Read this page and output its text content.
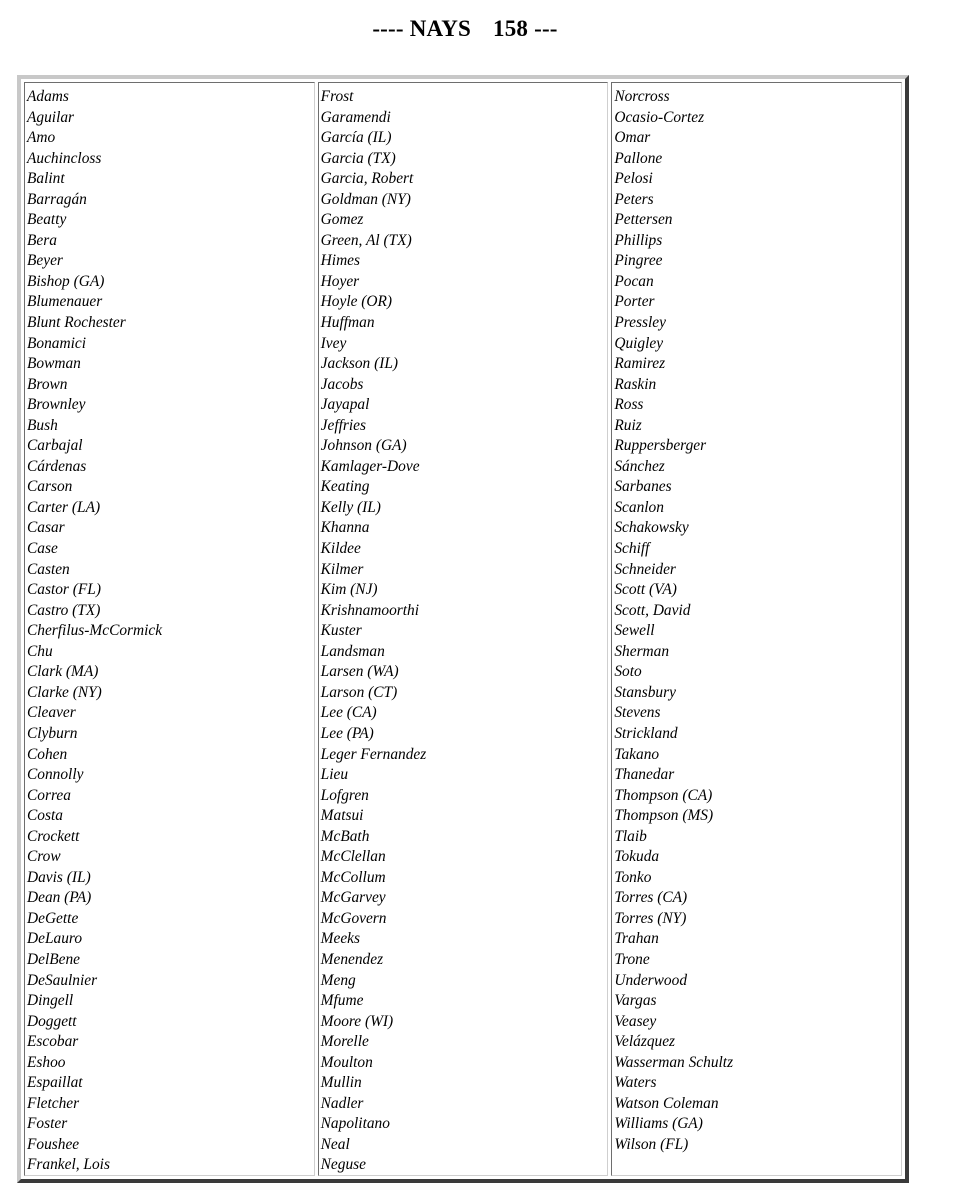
---- NAYS 158 ---
Adams
Aguilar
Amo
Auchincloss
Balint
Barragán
Beatty
Bera
Beyer
Bishop (GA)
Blumenauer
Blunt Rochester
Bonamici
Bowman
Brown
Brownley
Bush
Carbajal
Cárdenas
Carson
Carter (LA)
Casar
Case
Casten
Castor (FL)
Castro (TX)
Cherfilus-McCormick
Chu
Clark (MA)
Clarke (NY)
Cleaver
Clyburn
Cohen
Connolly
Correa
Costa
Crockett
Crow
Davis (IL)
Dean (PA)
DeGette
DeLauro
DelBene
DeSaulnier
Dingell
Doggett
Escobar
Eshoo
Espaillat
Fletcher
Foster
Foushee
Frankel, Lois
Frost
Garamendi
García (IL)
Garcia (TX)
Garcia, Robert
Goldman (NY)
Gomez
Green, Al (TX)
Himes
Hoyer
Hoyle (OR)
Huffman
Ivey
Jackson (IL)
Jacobs
Jayapal
Jeffries
Johnson (GA)
Kamlager-Dove
Keating
Kelly (IL)
Khanna
Kildee
Kilmer
Kim (NJ)
Krishnamoorthi
Kuster
Landsman
Larsen (WA)
Larson (CT)
Lee (CA)
Lee (PA)
Leger Fernandez
Lieu
Lofgren
Matsui
McBath
McClellan
McCollum
McGarvey
McGovern
Meeks
Menendez
Meng
Mfume
Moore (WI)
Morelle
Moulton
Mullin
Nadler
Napolitano
Neal
Neguse
Norcross
Ocasio-Cortez
Omar
Pallone
Pelosi
Peters
Pettersen
Phillips
Pingree
Pocan
Porter
Pressley
Quigley
Ramirez
Raskin
Ross
Ruiz
Ruppersberger
Sánchez
Sarbanes
Scanlon
Schakowsky
Schiff
Schneider
Scott (VA)
Scott, David
Sewell
Sherman
Soto
Stansbury
Stevens
Strickland
Takano
Thanedar
Thompson (CA)
Thompson (MS)
Tlaib
Tokuda
Tonko
Torres (CA)
Torres (NY)
Trahan
Trone
Underwood
Vargas
Veasey
Velázquez
Wasserman Schultz
Waters
Watson Coleman
Williams (GA)
Wilson (FL)
